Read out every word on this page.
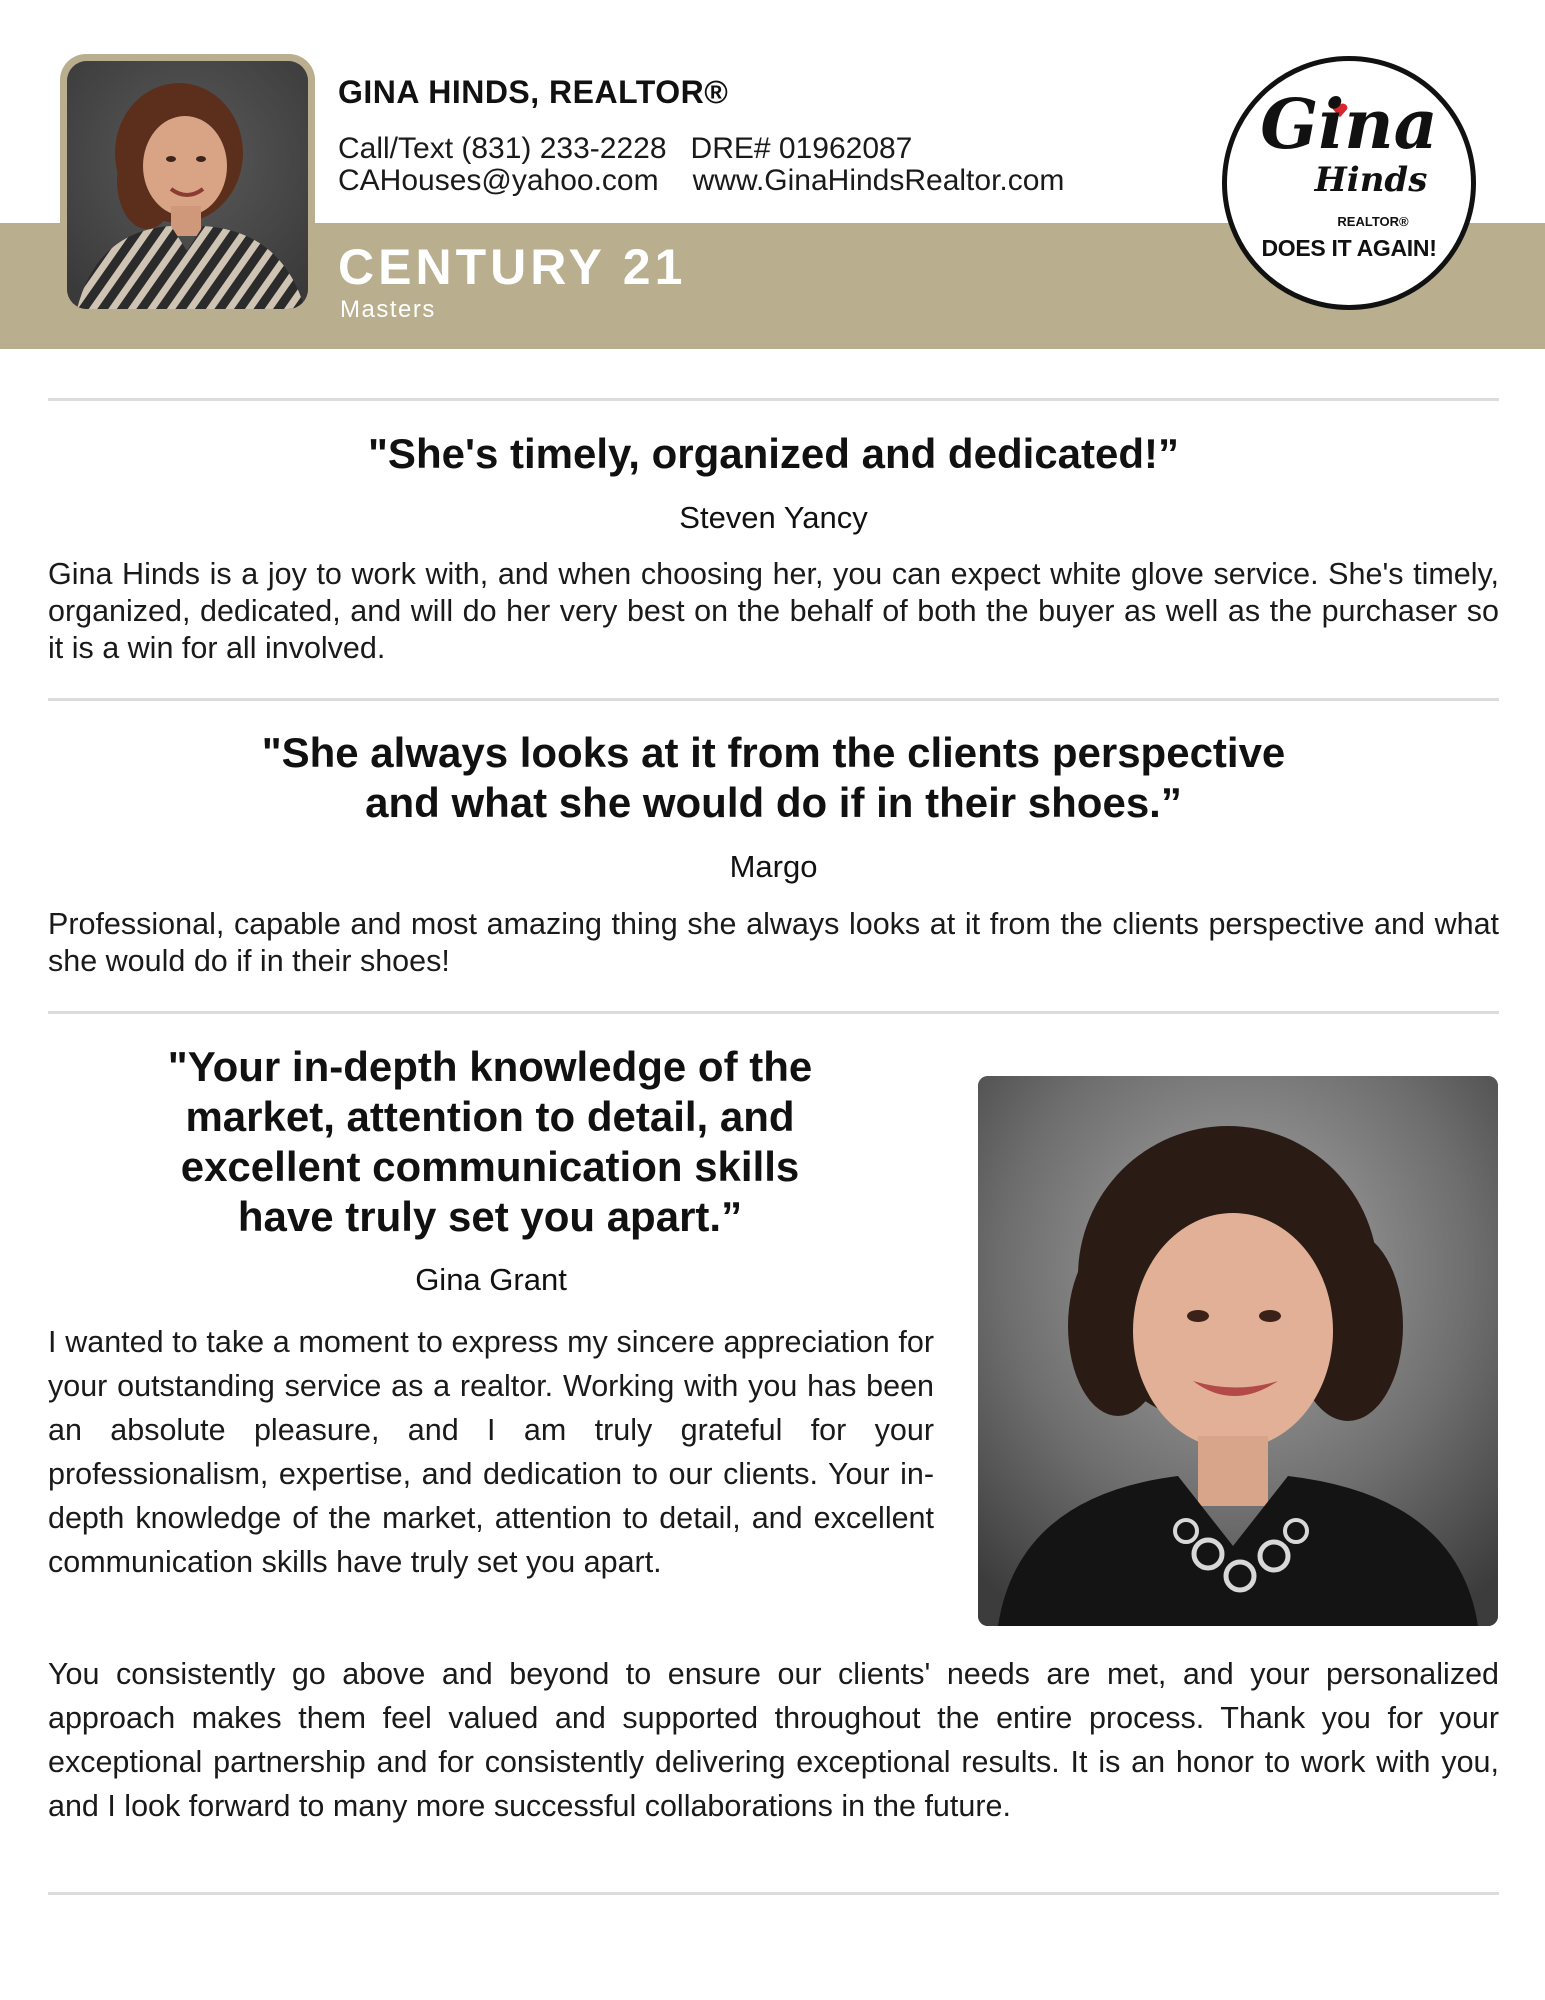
GINA HINDS, REALTOR®
Call/Text (831) 233-2228 DRE# 01962087
CAHouses@yahoo.com www.GinaHindsRealtor.com
CENTURY 21
Masters
Gina
Hinds
REALTOR®
DOES IT AGAIN!

"She's timely, organized and dedicated!”

Steven Yancy

Gina Hinds is a joy to work with, and when choosing her, you can expect white glove service. She's timely, organized, dedicated, and will do her very best on the behalf of both the buyer as well as the purchaser so it is a win for all involved.

"She always looks at it from the clients perspective
and what she would do if in their shoes.”

Margo

Professional, capable and most amazing thing she always looks at it from the clients perspective and what she would do if in their shoes!

"Your in-depth knowledge of the
market, attention to detail, and
excellent communication skills
have truly set you apart.”

Gina Grant

I wanted to take a moment to express my sincere appreciation for your outstanding service as a realtor. Working with you has been an absolute pleasure, and I am truly grateful for your professionalism, expertise, and dedication to our clients. Your in-depth knowledge of the market, attention to detail, and excellent communication skills have truly set you apart.

You consistently go above and beyond to ensure our clients' needs are met, and your personalized approach makes them feel valued and supported throughout the entire process. Thank you for your exceptional partnership and for consistently delivering exceptional results. It is an honor to work with you, and I look forward to many more successful collaborations in the future.
